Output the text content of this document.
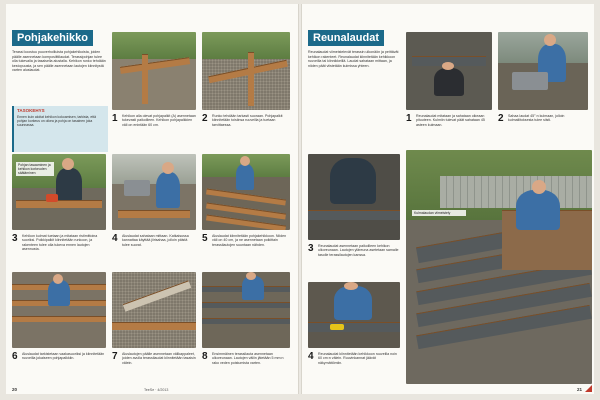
Pohjakehikko

Terassi koostuu puuverhoilluista pohjakehikoista, joiden päälle asennetaan komposiittilaudat. Terassipohjan tulee olla tukevalla ja tasaisella alustalla. Kehikon runko tehdään kestopuusta, ja sen päälle asennetaan lautojen kiinnitystä varten aluslaudat.

TASOKEHYS

Ennen kuin aloitat kehikon kokoamisen, tarkista, että pohjan korkeus on oikea ja pohja on tasainen joka suunnassa.

1 Kehikon alla olevat pohjapalkit (A) asennetaan tukevasti paikoilleen. Kehikon pohjapalkkien väli on enintään 60 cm.

2 Runko tehdään tarkasti suoraan. Pohjapalkit kiinnitetään toisiinsa ruuveilla ja tuetaan tarvittaessa.

Pohjan tasaaminen ja kehikon korkeuden säätäminen
3 Kehikon kulmat tuetaan ja mitataan ristimittoina suoriksi. Poikkipalkit kiinnitetään runkoon, ja rakenteen tulee olla tukeva ennen lautojen asennusta.

4 Aluslaudat sahataan mittaan. Katkaisussa kannattaa käyttää jiirisahaa, jolloin päistä tulee suorat.

5 Aluslaudat kiinnitetään pohjakehikkoon. Niiden väli on 40 cm, ja ne asennetaan poikittain terassilautojen suuntaan nähden.

6 Aluslaudat tarkistetaan vaakasuoriksi ja kiinnitetään ruuveilla jokaiseen pohjapalkkiin.	7 Aluslautojen päälle asennetaan välikappaleet, joiden avulla terassilaudat kiinnitetään tasaisin välein.

8 Ensimmäinen terassilauta asennetaan ulkoreunaan. Lautojen väliin jätetään 5 mm:n rako veden poistumista varten.

20	TeeSe · 4/2013
Reunalaudat

Reunalaudat viimeistelevät terassin ulkonäön ja peittävät kehikon rakenteet. Reunalaudat kiinnitetään kehikkoon ruuveilla tai kiinnikkeillä. Laudat sahataan mittaan, ja niiden päät viistetään kulmissa yhteen.

1 Reunalaudat mitataan ja sahataan oikeaan pituuteen. Kulmiin tulevat päät sahataan 45 asteen kulmaan.

2 Sahaa laudat 45°:n kulmaan, jolloin kulmaliitoksesta tulee siisti.

3 Reunalaudat asennetaan paikoilleen kehikon ulkoreunaan. Lautojen yläreuna asetetaan samalle tasolle terassilautojen kanssa.

4 Reunalaudat kiinnitetään kehikkoon ruuveilla noin 60 cm:n välein. Ruuvinkannat jäävät näkymättömiin.

Kulmalaudan viimeistely
21
